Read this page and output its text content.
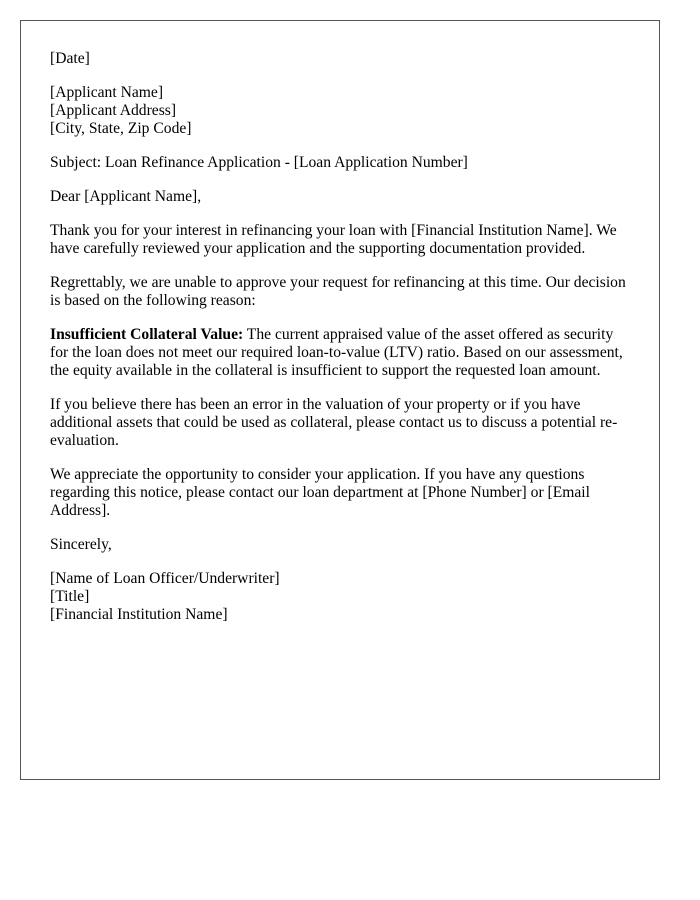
[Date]

[Applicant Name]
[Applicant Address]
[City, State, Zip Code]

Subject: Loan Refinance Application - [Loan Application Number]

Dear [Applicant Name],

Thank you for your interest in refinancing your loan with [Financial Institution Name]. We have carefully reviewed your application and the supporting documentation provided.

Regrettably, we are unable to approve your request for refinancing at this time. Our decision is based on the following reason:

Insufficient Collateral Value: The current appraised value of the asset offered as security for the loan does not meet our required loan-to-value (LTV) ratio. Based on our assessment, the equity available in the collateral is insufficient to support the requested loan amount.

If you believe there has been an error in the valuation of your property or if you have additional assets that could be used as collateral, please contact us to discuss a potential re-evaluation.

We appreciate the opportunity to consider your application. If you have any questions regarding this notice, please contact our loan department at [Phone Number] or [Email Address].

Sincerely,

[Name of Loan Officer/Underwriter]
[Title]
[Financial Institution Name]
